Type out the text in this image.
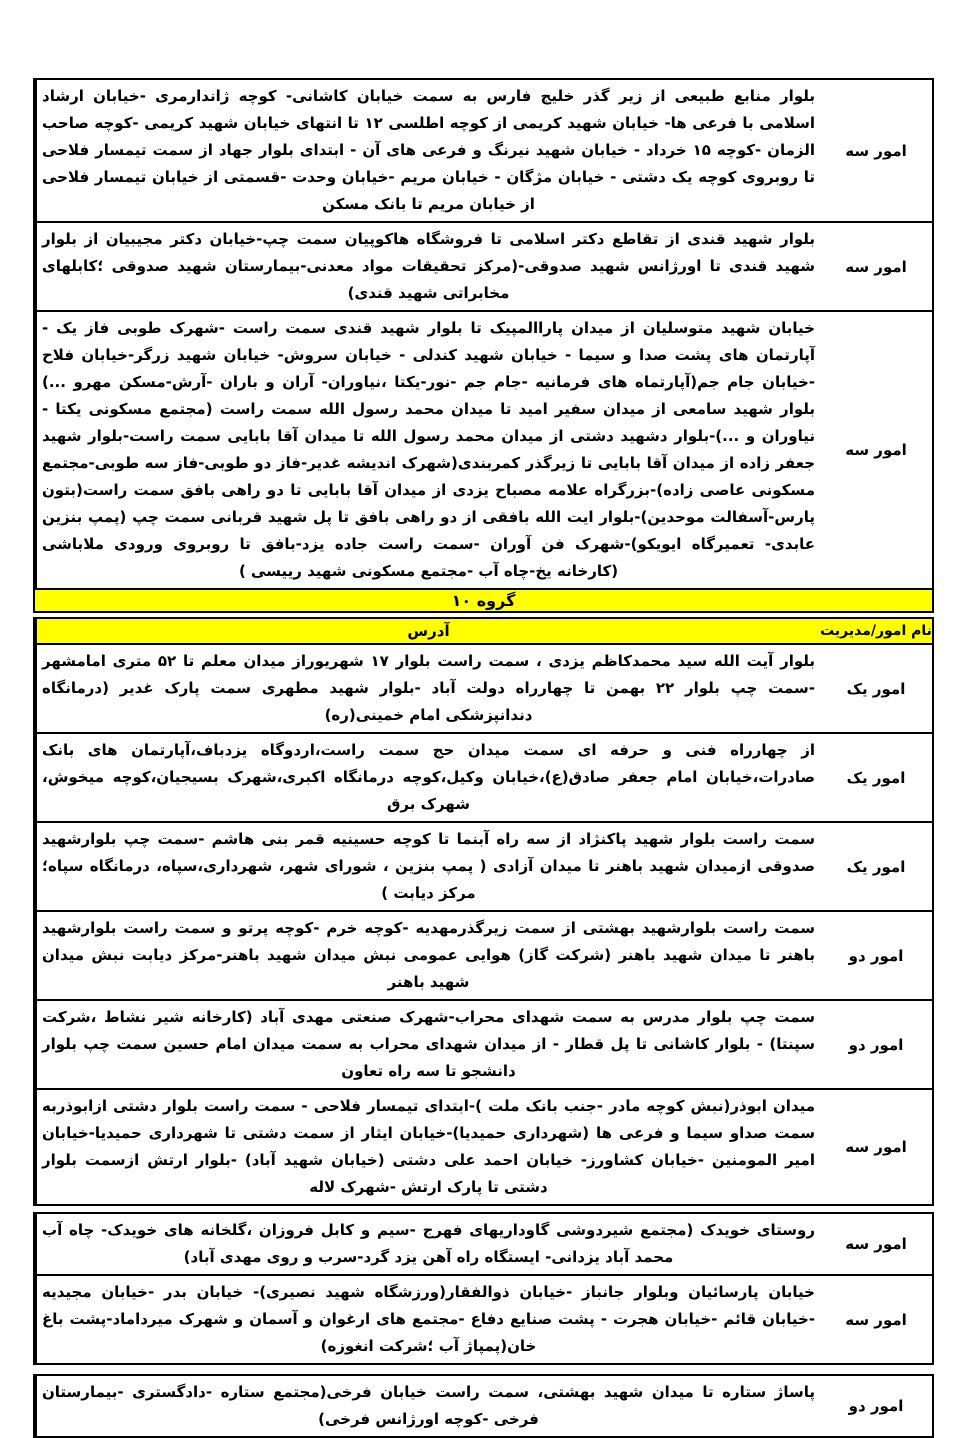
امور سه
بلوار منابع طبیعی از زیر گذر خلیج فارس به سمت خیابان کاشانی- کوچه ژاندارمری -خیابان ارشاد اسلامی با فرعی ها- خیابان شهید کریمی از کوچه اطلسی ۱۲ تا انتهای خیابان شهید کریمی -کوچه صاحب الزمان -کوچه ۱۵ خرداد - خیابان شهید نیرنگ و فرعی های آن - ابتدای بلوار جهاد از سمت تیمسار فلاحی تا روبروی کوچه یک دشتی - خیابان مژگان - خیابان مریم -خیابان وحدت -قسمتی از خیابان تیمسار فلاحی از خیابان مریم تا بانک مسکن
امور سه
بلوار شهید قندی از تقاطع دکتر اسلامی تا فروشگاه هاکوپیان سمت چپ-خیابان دکتر مجیبیان از بلوار شهید قندی تا اورژانس شهید صدوقی-(مرکز تحقیقات مواد معدنی-بیمارستان شهید صدوقی ؛کابلهای مخابراتی شهید قندی)
امور سه
خیابان شهید متوسلیان از میدان پاراالمپیک تا بلوار شهید قندی سمت راست -شهرک طوبی فاز یک - آپارتمان های پشت صدا و سیما - خیابان شهید کندلی - خیابان سروش- خیابان شهید زرگر-خیابان فلاح -خیابان جام جم(آپارتماه های فرمانیه -جام جم -نور-یکتا ،نیاوران- آران و باران -آرش-مسکن مهرو ...) بلوار شهید سامعی از میدان سفیر امید تا میدان محمد رسول الله سمت راست (مجتمع مسکونی یکتا - نیاوران و ...)-بلوار دشهید دشتی از میدان محمد رسول الله تا میدان آقا بابایی سمت راست-بلوار شهید جعفر زاده از میدان آقا بابایی تا زیرگذر کمربندی(شهرک اندیشه غدیر-فاز دو طوبی-فاز سه طوبی-مجتمع مسکونی عاصی زاده)-بزرگراه علامه مصباح یزدی از میدان آقا بابایی تا دو راهی بافق سمت راست(بتون پارس-آسفالت موحدین)-بلوار ایت الله بافقی از دو راهی بافق تا پل شهید قربانی سمت چپ (پمپ بنزین عابدی- تعمیرگاه ایویکو)-شهرک فن آوران -سمت راست جاده یزد-بافق تا روبروی ورودی ملاباشی (کارخانه یخ-چاه آب -مجتمع مسکونی شهید رییسی )
گروه ۱۰
نام امور/مدیریت
آدرس
امور یک
بلوار آیت الله سید محمدکاظم یزدی ، سمت راست بلوار ۱۷ شهریوراز میدان معلم تا ۵۲ متری امامشهر -سمت چپ بلوار ۲۲ بهمن تا چهارراه دولت آباد -بلوار شهید مطهری سمت پارک غدیر (درمانگاه دندانپزشکی امام خمینی(ره)
امور یک
از چهارراه فنی و حرفه ای سمت میدان حج سمت راست،اردوگاه یزدباف،آپارتمان های بانک صادرات،خیابان امام جعفر صادق(ع)،خیابان وکیل،کوچه درمانگاه اکبری،شهرک بسیجیان،کوچه میخوش، شهرک برق
امور یک
سمت راست بلوار شهید پاکنژاد از سه راه آبنما تا کوچه حسینیه قمر بنی هاشم -سمت چپ بلوارشهید صدوقی ازمیدان شهید باهنر تا میدان آزادی ( پمپ بنزین ، شورای شهر، شهرداری،سپاه، درمانگاه سپاه؛مرکز دیابت )
امور دو
سمت راست بلوارشهید بهشتی از سمت زیرگذرمهدیه -کوچه خرم -کوچه پرتو و سمت راست بلوارشهید باهنر تا میدان شهید باهنر (شرکت گاز) هوایی عمومی نبش میدان شهید باهنر-مرکز دیابت نبش میدان شهید باهنر
امور دو
سمت چپ بلوار مدرس به سمت شهدای محراب-شهرک صنعتی مهدی آباد (کارخانه شیر نشاط ،شرکت سپنتا) - بلوار کاشانی تا پل قطار - از میدان شهدای محراب به سمت میدان امام حسین سمت چپ بلوار دانشجو تا سه راه تعاون
امور سه
میدان ابوذر(نبش کوچه مادر -جنب بانک ملت )-ابتدای تیمسار فلاحی - سمت راست بلوار دشتی ازابوذربه سمت صداو سیما و فرعی ها (شهرداری حمیدیا)-خیابان ایثار از سمت دشتی تا شهرداری حمیدیا-خیابان امیر المومنین -خیابان کشاورز- خیابان احمد علی دشتی (خیابان شهید آباد) -بلوار ارتش ازسمت بلوار دشتی تا پارک ارتش -شهرک لاله
امور سه
روستای خویدک (مجتمع شیردوشی گاوداریهای فهرج -سیم و کابل فروزان ،گلخانه های خویدک- چاه آب محمد آباد یزدانی- ایستگاه راه آهن یزد گرد-سرب و روی مهدی آباد)
امور سه
خیابان پارسائیان وبلوار جانباز -خیابان ذوالفقار(ورزشگاه شهید نصیری)- خیابان بدر -خیابان مجیدیه -خیابان قائم -خیابان هجرت - پشت صنایع دفاع -مجتمع های ارغوان و آسمان و شهرک میرداماد-پشت باغ خان(پمپاژ آب ؛شرکت انغوزه)
امور دو
پاساژ ستاره تا میدان شهید بهشتی، سمت راست خیابان فرخی(مجتمع ستاره -دادگستری -بیمارستان فرخی -کوچه اورژانس فرخی)
